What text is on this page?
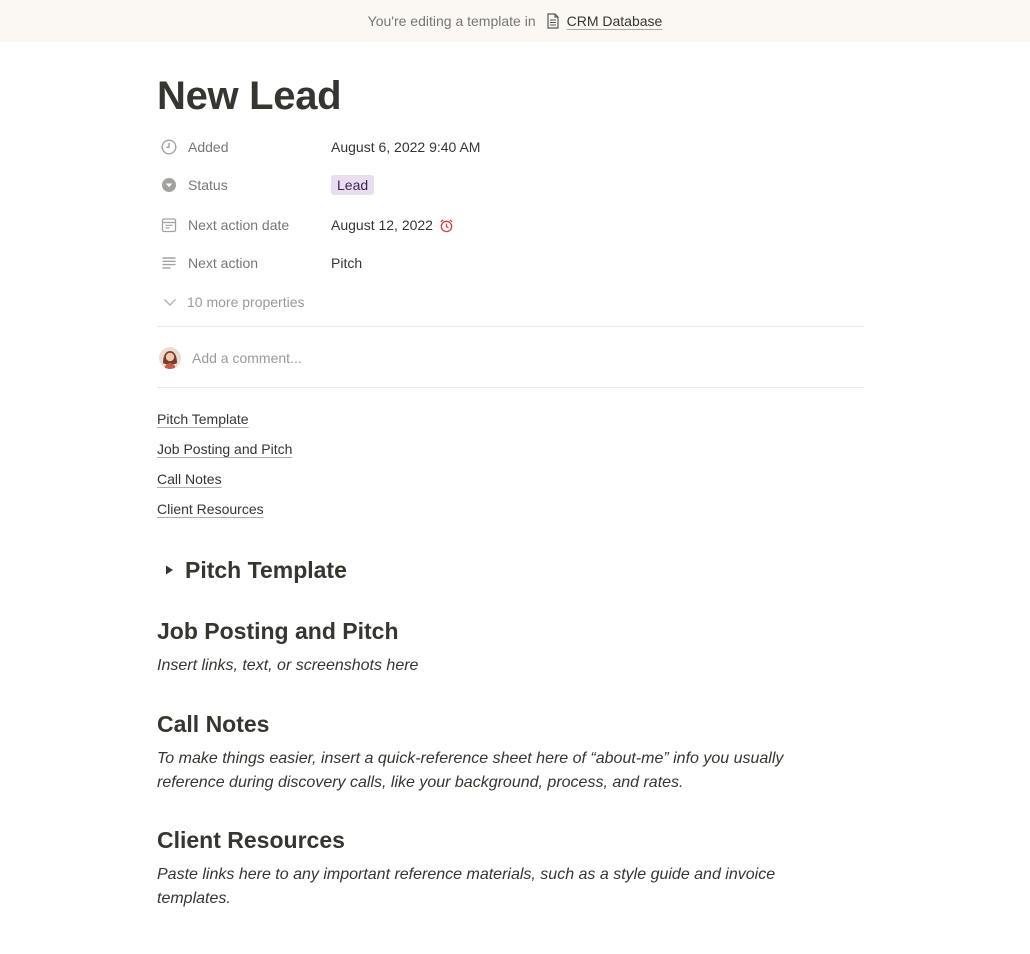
You're editing a template in CRM Database
New Lead
Added	August 6, 2022 9:40 AM
Status	Lead
Next action date	August 12, 2022
Next action	Pitch
10 more properties
Add a comment...
Pitch Template
Job Posting and Pitch
Call Notes
Client Resources
Pitch Template
Job Posting and Pitch
Insert links, text, or screenshots here
Call Notes
To make things easier, insert a quick-reference sheet here of “about-me” info you usually reference during discovery calls, like your background, process, and rates.
Client Resources
Paste links here to any important reference materials, such as a style guide and invoice templates.
